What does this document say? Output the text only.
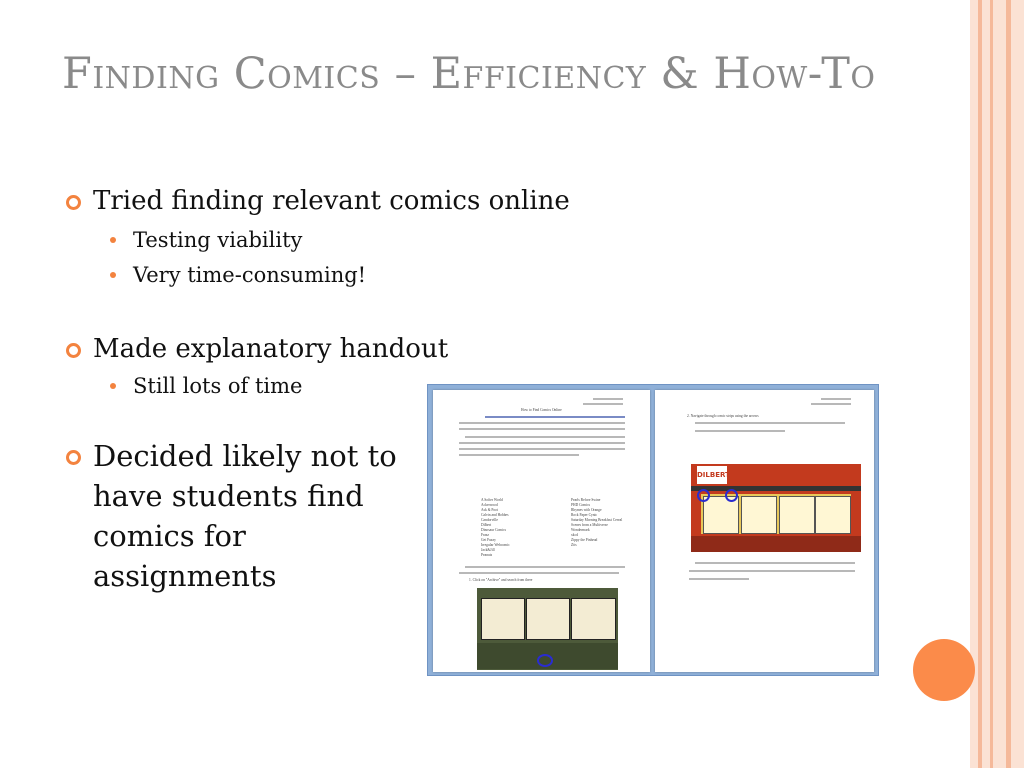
Finding Comics – Efficiency & How-To
Tried finding relevant comics online
Testing viability
Very time-consuming!
Made explanatory handout
Still lots of time
Decided likely not to have students find comics for assignments
How to Find Comics Online
A Softer World
Ackerwood
Ask & Poot
Calvin and Hobbes
Candorville
Dilbert
Dinosaur Comics
Frazz
Get Fuzzy
Irregular Webcomic
Jack&Jill
Peanuts
Pearls Before Swine
PHD Comics
Rhymes with Orange
Rock Paper Cynic
Saturday Morning Breakfast Cereal
Scenes from a Multiverse
Wondermark
xkcd
Zippy the Pinhead
Zits
1. Click on "Archive" and search from there
2. Navigate through comic strips using the arrows
DILBERT
